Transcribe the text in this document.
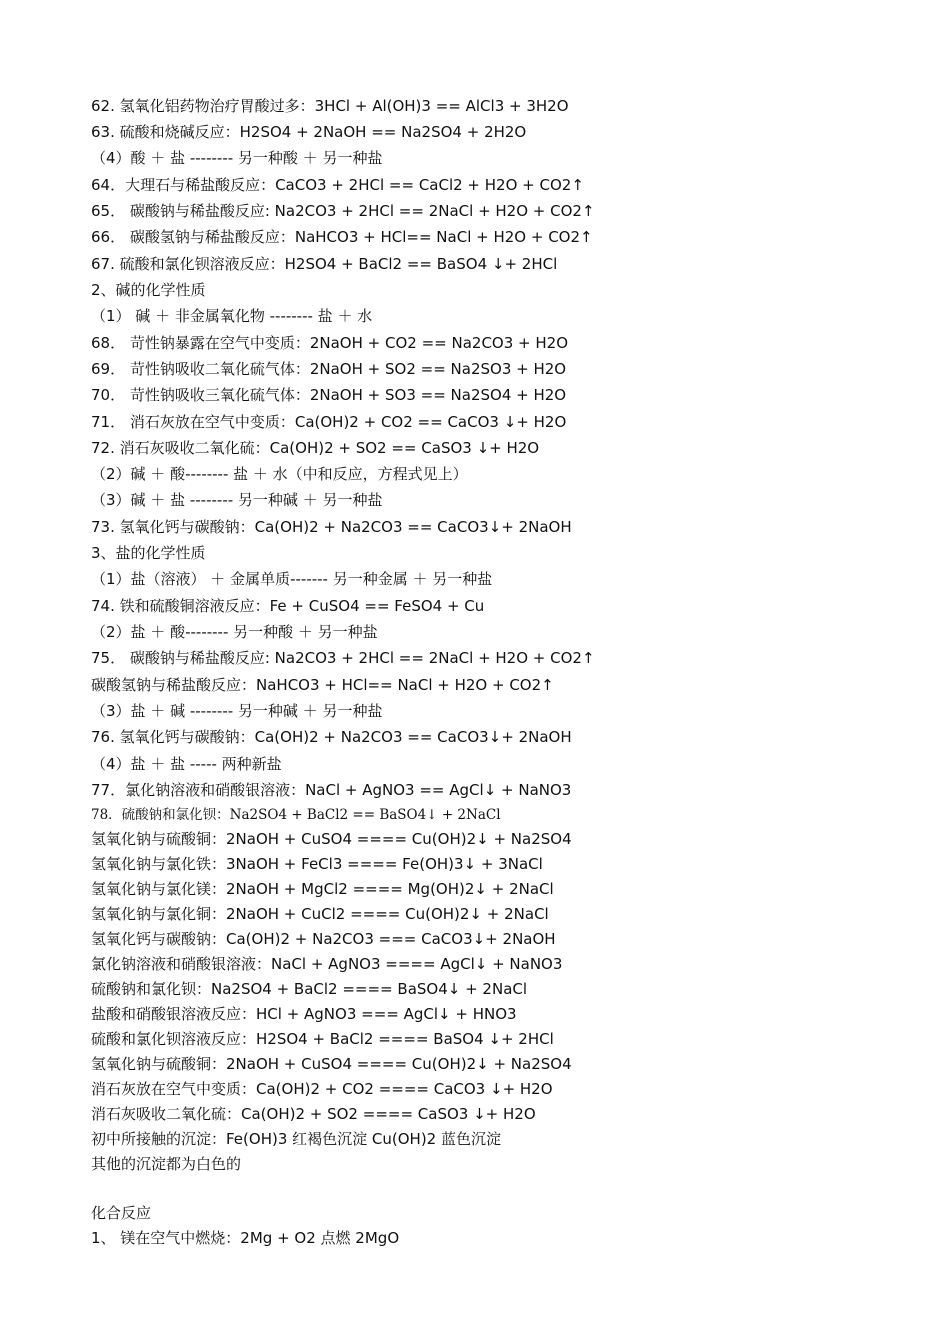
62. 氢氧化铝药物治疗胃酸过多：3HCl + Al(OH)3 == AlCl3 + 3H2O
63. 硫酸和烧碱反应：H2SO4 + 2NaOH == Na2SO4 + 2H2O
（4）酸 ＋ 盐 -------- 另一种酸 ＋ 另一种盐
64．大理石与稀盐酸反应：CaCO3 + 2HCl == CaCl2 + H2O + CO2↑
65． 碳酸钠与稀盐酸反应: Na2CO3 + 2HCl == 2NaCl + H2O + CO2↑
66． 碳酸氢钠与稀盐酸反应：NaHCO3 + HCl== NaCl + H2O + CO2↑
67. 硫酸和氯化钡溶液反应：H2SO4 + BaCl2 == BaSO4 ↓+ 2HCl
2、碱的化学性质
（1） 碱 ＋ 非金属氧化物 -------- 盐 ＋ 水
68． 苛性钠暴露在空气中变质：2NaOH + CO2 == Na2CO3 + H2O
69． 苛性钠吸收二氧化硫气体：2NaOH + SO2 == Na2SO3 + H2O
70． 苛性钠吸收三氧化硫气体：2NaOH + SO3 == Na2SO4 + H2O
71． 消石灰放在空气中变质：Ca(OH)2 + CO2 == CaCO3 ↓+ H2O
72. 消石灰吸收二氧化硫：Ca(OH)2 + SO2 == CaSO3 ↓+ H2O
（2）碱 ＋ 酸-------- 盐 ＋ 水（中和反应，方程式见上）
（3）碱 ＋ 盐 -------- 另一种碱 ＋ 另一种盐
73. 氢氧化钙与碳酸钠：Ca(OH)2 + Na2CO3 == CaCO3↓+ 2NaOH
3、盐的化学性质
（1）盐（溶液） ＋ 金属单质------- 另一种金属 ＋ 另一种盐
74. 铁和硫酸铜溶液反应：Fe + CuSO4 == FeSO4 + Cu
（2）盐 ＋ 酸-------- 另一种酸 ＋ 另一种盐
75． 碳酸钠与稀盐酸反应: Na2CO3 + 2HCl == 2NaCl + H2O + CO2↑
碳酸氢钠与稀盐酸反应：NaHCO3 + HCl== NaCl + H2O + CO2↑
（3）盐 ＋ 碱 -------- 另一种碱 ＋ 另一种盐
76. 氢氧化钙与碳酸钠：Ca(OH)2 + Na2CO3 == CaCO3↓+ 2NaOH
（4）盐 ＋ 盐 ----- 两种新盐
77．氯化钠溶液和硝酸银溶液：NaCl + AgNO3 == AgCl↓ + NaNO3
78．硫酸钠和氯化钡：Na2SO4 + BaCl2 == BaSO4↓ + 2NaCl
氢氧化钠与硫酸铜：2NaOH + CuSO4 ==== Cu(OH)2↓ + Na2SO4
氢氧化钠与氯化铁：3NaOH + FeCl3 ==== Fe(OH)3↓ + 3NaCl
氢氧化钠与氯化镁：2NaOH + MgCl2 ==== Mg(OH)2↓ + 2NaCl
氢氧化钠与氯化铜：2NaOH + CuCl2 ==== Cu(OH)2↓ + 2NaCl
氢氧化钙与碳酸钠：Ca(OH)2 + Na2CO3 === CaCO3↓+ 2NaOH
氯化钠溶液和硝酸银溶液：NaCl + AgNO3 ==== AgCl↓ + NaNO3
硫酸钠和氯化钡：Na2SO4 + BaCl2 ==== BaSO4↓ + 2NaCl
盐酸和硝酸银溶液反应：HCl + AgNO3 === AgCl↓ + HNO3
硫酸和氯化钡溶液反应：H2SO4 + BaCl2 ==== BaSO4 ↓+ 2HCl
氢氧化钠与硫酸铜：2NaOH + CuSO4 ==== Cu(OH)2↓ + Na2SO4
消石灰放在空气中变质：Ca(OH)2 + CO2 ==== CaCO3 ↓+ H2O
消石灰吸收二氧化硫：Ca(OH)2 + SO2 ==== CaSO3 ↓+ H2O
初中所接触的沉淀：Fe(OH)3 红褐色沉淀 Cu(OH)2 蓝色沉淀
其他的沉淀都为白色的
化合反应
1、 镁在空气中燃烧：2Mg + O2 点燃 2MgO
